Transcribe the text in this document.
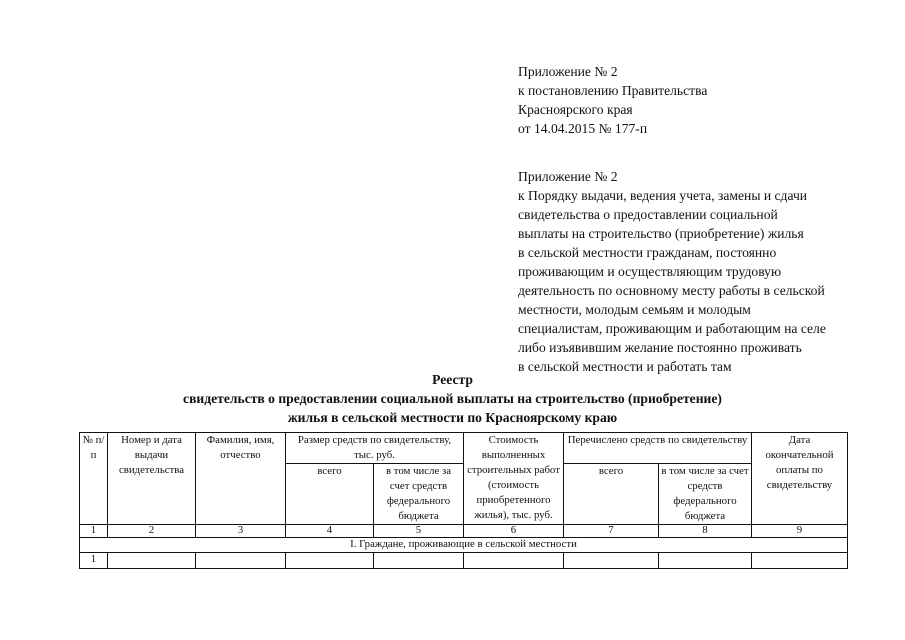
Приложение № 2
к постановлению Правительства
Красноярского края
от 14.04.2015 № 177-п
Приложение № 2
к Порядку выдачи, ведения учета, замены и сдачи
свидетельства о предоставлении социальной
выплаты на строительство (приобретение) жилья
в сельской местности гражданам, постоянно
проживающим и осуществляющим трудовую
деятельность по основному месту работы в сельской
местности, молодым семьям и молодым
специалистам, проживающим и работающим на селе
либо изъявившим желание постоянно проживать
в сельской местности и работать там
Реестр
свидетельств о предоставлении социальной выплаты на строительство (приобретение)
жилья в сельской местности по Красноярскому краю
№ п/п	Номер и дата выдачи свидетельства	Фамилия, имя, отчество	Размер средств по свидетельству, тыс. руб.		Стоимость выполненных строительных работ (стоимость приобретенного жилья), тыс. руб.	Перечислено средств по свидетельству		Дата окончательной оплаты по свидетельству
			всего	в том числе за счет средств федерального бюджета		всего	в том числе за счет средств федерального бюджета	
1	2	3	4	5	6	7	8	9
I. Граждане, проживающие в сельской местности								
1								
